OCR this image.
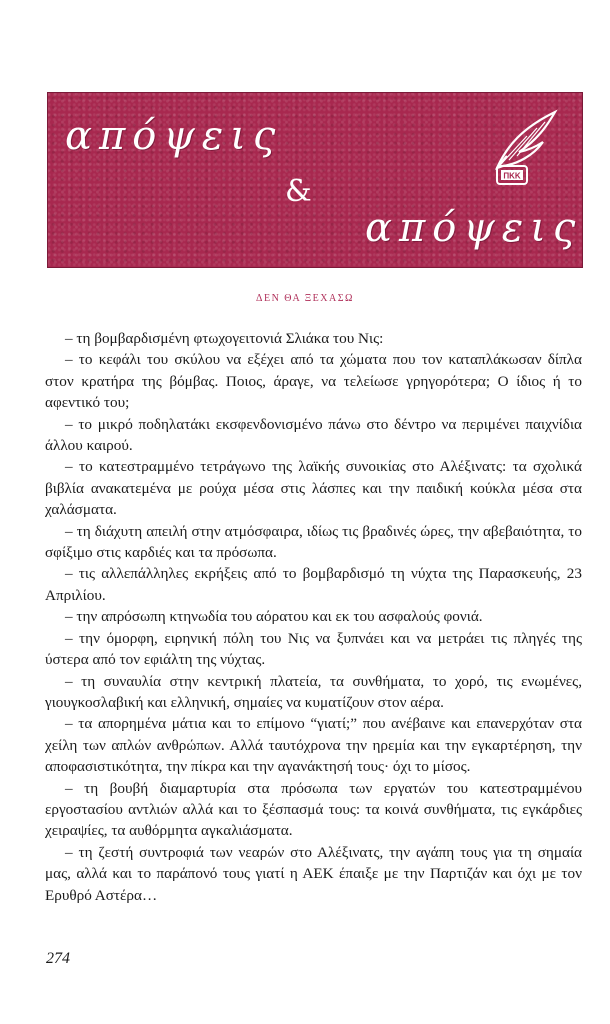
απόψεις
&
απόψεις
ΠΚΚ
ΔΕΝ ΘΑ ΞΕΧΑΣΩ

– τη βομβαρδισμένη φτωχογειτονιά Σλιάκα του Νις:

– το κεφάλι του σκύλου να εξέχει από τα χώματα που τον καταπλάκωσαν δίπλα στον κρατήρα της βόμβας. Ποιος, άραγε, να τελείωσε γρηγορότερα; Ο ίδιος ή το αφεντικό του;

– το μικρό ποδηλατάκι εκσφενδονισμένο πάνω στο δέντρο να περιμένει παιχνίδια άλλου καιρού.

– το κατεστραμμένο τετράγωνο της λαϊκής συνοικίας στο Αλέξινατς: τα σχολικά βιβλία ανακατεμένα με ρούχα μέσα στις λάσπες και την παιδική κούκλα μέσα στα χαλάσματα.

– τη διάχυτη απειλή στην ατμόσφαιρα, ιδίως τις βραδινές ώρες, την αβεβαιότητα, το σφίξιμο στις καρδιές και τα πρόσωπα.

– τις αλλεπάλληλες εκρήξεις από το βομβαρδισμό τη νύχτα της Παρασκευής, 23 Απριλίου.

– την απρόσωπη κτηνωδία του αόρατου και εκ του ασφαλούς φονιά.

– την όμορφη, ειρηνική πόλη του Νις να ξυπνάει και να μετράει τις πληγές της ύστερα από τον εφιάλτη της νύχτας.

– τη συναυλία στην κεντρική πλατεία, τα συνθήματα, το χορό, τις ενωμένες, γιουγκοσλαβική και ελληνική, σημαίες να κυματίζουν στον αέρα.

– τα απορημένα μάτια και το επίμονο “γιατί;” που ανέβαινε και επανερχόταν στα χείλη των απλών ανθρώπων. Αλλά ταυτόχρονα την ηρεμία και την εγκαρτέρηση, την αποφασιστικότητα, την πίκρα και την αγανάκτησή τους· όχι το μίσος.

– τη βουβή διαμαρτυρία στα πρόσωπα των εργατών του κατεστραμμένου εργοστασίου αντλιών αλλά και το ξέσπασμά τους: τα κοινά συνθήματα, τις εγκάρδιες χειραψίες, τα αυθόρμητα αγκαλιάσματα.

– τη ζεστή συντροφιά των νεαρών στο Αλέξινατς, την αγάπη τους για τη σημαία μας, αλλά και το παράπονό τους γιατί η ΑΕΚ έπαιξε με την Παρτιζάν και όχι με τον Ερυθρό Αστέρα…

274
